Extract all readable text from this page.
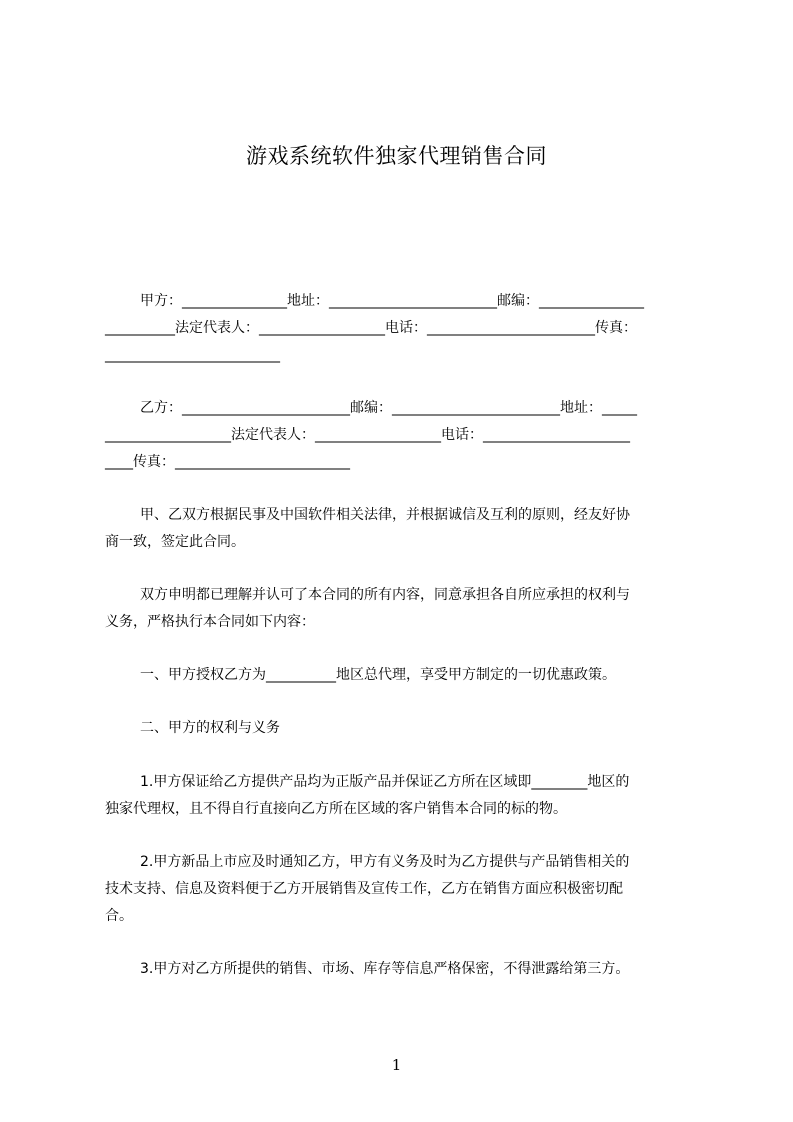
游戏系统软件独家代理销售合同
甲方：_______________地址：________________________邮编：_______________
__________法定代表人：__________________电话：________________________传真：
_________________________
乙方：________________________邮编：________________________地址：_____
__________________法定代表人：__________________电话：_____________________
____传真：_________________________
甲、乙双方根据民事及中国软件相关法律，并根据诚信及互利的原则，经友好协
商一致，签定此合同。
双方申明都已理解并认可了本合同的所有内容，同意承担各自所应承担的权利与
义务，严格执行本合同如下内容：
一、甲方授权乙方为__________地区总代理，享受甲方制定的一切优惠政策。
二、甲方的权利与义务
1.甲方保证给乙方提供产品均为正版产品并保证乙方所在区域即________地区的
独家代理权，且不得自行直接向乙方所在区域的客户销售本合同的标的物。
2.甲方新品上市应及时通知乙方，甲方有义务及时为乙方提供与产品销售相关的
技术支持、信息及资料便于乙方开展销售及宣传工作，乙方在销售方面应积极密切配
合。
3.甲方对乙方所提供的销售、市场、库存等信息严格保密，不得泄露给第三方。
1
